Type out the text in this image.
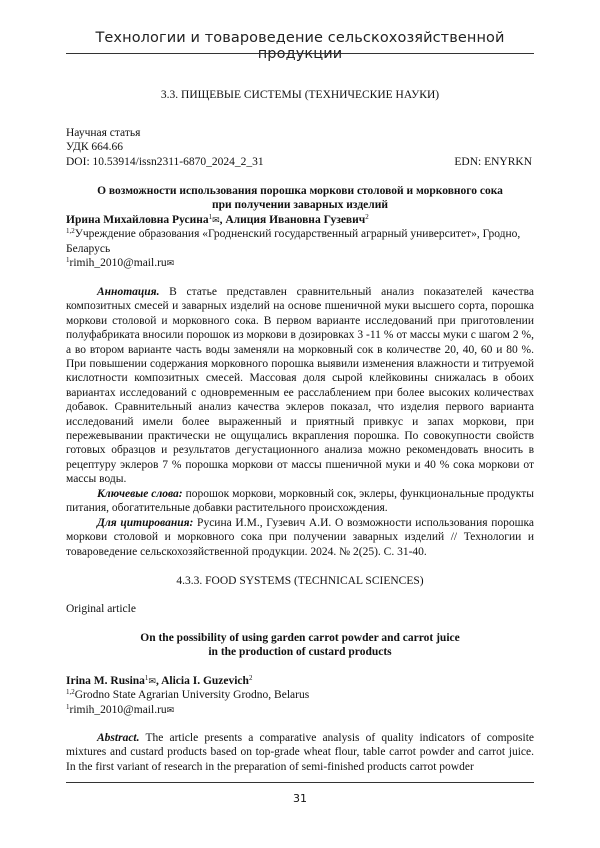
Технологии и товароведение сельскохозяйственной продукции
3.3. ПИЩЕВЫЕ СИСТЕМЫ (ТЕХНИЧЕСКИЕ НАУКИ)
Научная статья
УДК 664.66
DOI: 10.53914/issn2311-6870_2024_2_31	EDN: ENYRKN
О возможности использования порошка моркови столовой и морковного сока
при получении заварных изделий
Ирина Михайловна Русина$^1$✉, Алиция Ивановна Гузевич$^2$
$^{1,2}$Учреждение образования «Гродненский государственный аграрный университет», Гродно, Беларусь
$^1$rimih_2010@mail.ru✉
Аннотация. В статье представлен сравнительный анализ показателей качества композитных смесей и заварных изделий на основе пшеничной муки высшего сорта, порошка моркови столовой и морковного сока. В первом варианте исследований при приготовлении полуфабриката вносили порошок из моркови в дозировках 3 -11 % от массы муки с шагом 2 %, а во втором варианте часть воды заменяли на морковный сок в количестве 20, 40, 60 и 80 %. При повышении содержания морковного порошка выявили изменения влажности и титруемой кислотности композитных смесей. Массовая доля сырой клейковины снижалась в обоих вариантах исследований с одновременным ее расслаблением при более высоких количествах добавок. Сравнительный анализ качества эклеров показал, что изделия первого варианта исследований имели более выраженный и приятный привкус и запах моркови, при пережевывании практически не ощущались вкрапления порошка. По совокупности свойств готовых образцов и результатов дегустационного анализа можно рекомендовать вносить в рецептуру эклеров 7 % порошка моркови от массы пшеничной муки и 40 % сока моркови от массы воды.
Ключевые слова: порошок моркови, морковный сок, эклеры, функциональные продукты питания, обогатительные добавки растительного происхождения.
Для цитирования: Русина И.М., Гузевич А.И. О возможности использования порошка моркови столовой и морковного сока при получении заварных изделий // Технологии и товароведение сельскохозяйственной продукции. 2024. № 2(25). С. 31-40.
4.3.3. FOOD SYSTEMS (TECHNICAL SCIENCES)
Original article
On the possibility of using garden carrot powder and carrot juice
in the production of custard products
Irina M. Rusina$^1$✉, Alicia I. Guzevich$^2$
$^{1,2}$Grodno State Agrarian University Grodno, Belarus
$^1$rimih_2010@mail.ru✉
Abstract. The article presents a comparative analysis of quality indicators of composite mixtures and custard products based on top-grade wheat flour, table carrot powder and carrot juice. In the first variant of research in the preparation of semi-finished products carrot powder
31
